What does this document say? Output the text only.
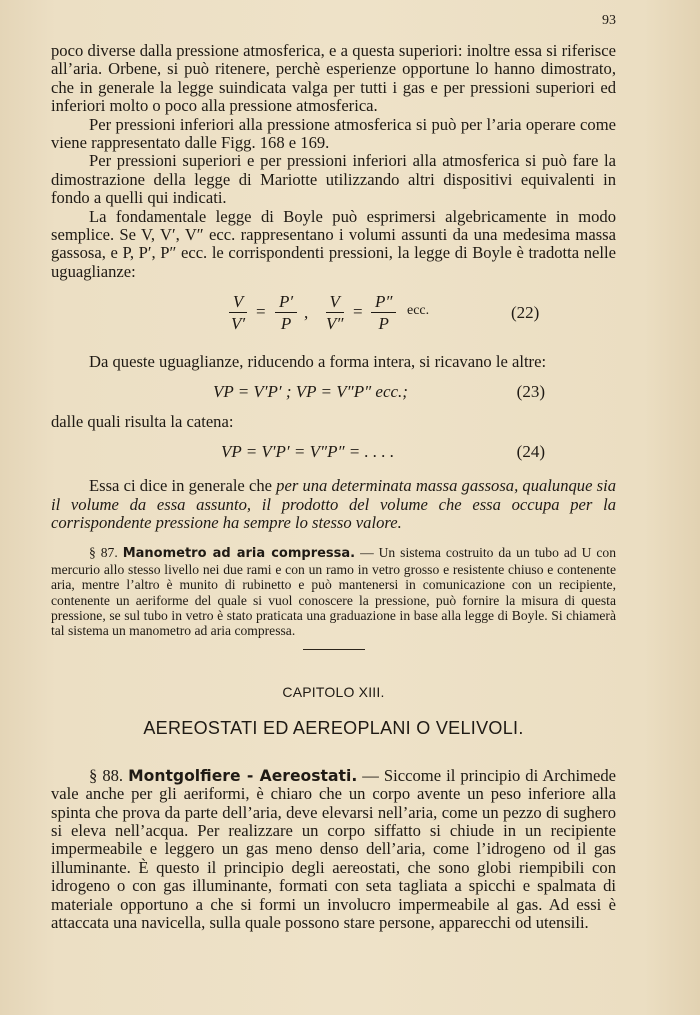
93

poco diverse dalla pressione atmosferica, e a questa superiori: inoltre essa si riferisce all’aria. Orbene, si può ritenere, perchè esperienze opportune lo hanno dimostrato, che in generale la legge suindicata valga per tutti i gas e per pressioni superiori ed inferiori molto o poco alla pressione atmosferica.

Per pressioni inferiori alla pressione atmosferica si può per l’aria operare come viene rappresentato dalle Figg. 168 e 169.

Per pressioni superiori e per pressioni inferiori alla atmosferica si può fare la dimostrazione della legge di Mariotte utilizzando altri dispositivi equivalenti in fondo a quelli qui indicati.

La fondamentale legge di Boyle può esprimersi algebricamente in modo semplice. Se V, V′, V″ ecc. rappresentano i volumi assunti da una medesima massa gassosa, e P, P′, P″ ecc. le corrispondenti pressioni, la legge di Boyle è tradotta nelle uguaglianze:

$\frac{V}{V'} = \frac{P'}{P}$ , $\frac{V}{V''} = \frac{P''}{P}$ ecc.	(22)

Da queste uguaglianze, riducendo a forma intera, si ricavano le altre:

VP = V′P′ ; VP = V″P″ ecc.;	(23)

dalle quali risulta la catena:

VP = V′P′ = V″P″ = . . . .	(24)

Essa ci dice in generale che per una determinata massa gassosa, qualunque sia il volume da essa assunto, il prodotto del volume che essa occupa per la corrispondente pressione ha sempre lo stesso valore.

§ 87. Manometro ad aria compressa. — Un sistema costruito da un tubo ad U con mercurio allo stesso livello nei due rami e con un ramo in vetro grosso e resistente chiuso e contenente aria, mentre l’altro è munito di rubinetto e può mantenersi in comunicazione con un recipiente, contenente un aeriforme del quale si vuol conoscere la pressione, può fornire la misura di questa pressione, se sul tubo in vetro è stato praticata una graduazione in base alla legge di Boyle. Si chiamerà tal sistema un manometro ad aria compressa.

CAPITOLO XIII.
AEREOSTATI ED AEREOPLANI O VELIVOLI.

§ 88. Montgolfiere - Aereostati. — Siccome il principio di Archimede vale anche per gli aeriformi, è chiaro che un corpo avente un peso inferiore alla spinta che prova da parte dell’aria, deve elevarsi nell’aria, come un pezzo di sughero si eleva nell’acqua. Per realizzare un corpo siffatto si chiude in un recipiente impermeabile e leggero un gas meno denso dell’aria, come l’idrogeno od il gas illuminante. È questo il principio degli aereostati, che sono globi riempibili con idrogeno o con gas illuminante, formati con seta tagliata a spicchi e spalmata di materiale opportuno a che si formi un involucro impermeabile al gas. Ad essi è attaccata una navicella, sulla quale possono stare persone, apparecchi od utensili.
